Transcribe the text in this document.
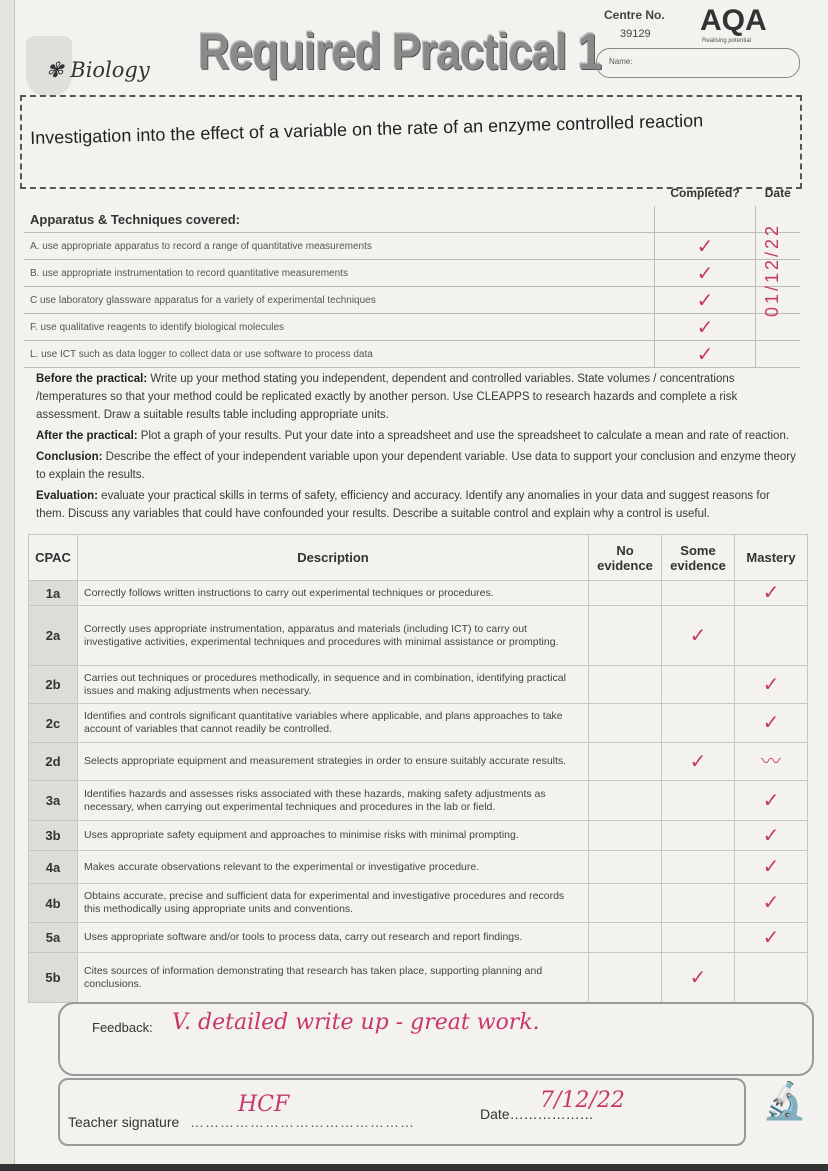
✾ Biology Required Practical 1
Centre No.
39129 AQA
Realising potential
Name:
Investigation into the effect of a variable on the rate of an enzyme controlled reaction
	Completed?	Date
Apparatus & Techniques covered:		
A. use appropriate apparatus to record a range of quantitative measurements	✓	
B. use appropriate instrumentation to record quantitative measurements	✓	
C use laboratory glassware apparatus for a variety of experimental techniques	✓	
F. use qualitative reagents to identify biological molecules	✓	
L. use ICT such as data logger to collect data or use software to process data	✓	
01/12/22

Before the practical: Write up your method stating you independent, dependent and controlled variables. State volumes / concentrations /temperatures so that your method could be replicated exactly by another person. Use CLEAPPS to research hazards and complete a risk assessment. Draw a suitable results table including appropriate units.

After the practical: Plot a graph of your results. Put your date into a spreadsheet and use the spreadsheet to calculate a mean and rate of reaction.

Conclusion: Describe the effect of your independent variable upon your dependent variable. Use data to support your conclusion and enzyme theory to explain the results.

Evaluation: evaluate your practical skills in terms of safety, efficiency and accuracy. Identify any anomalies in your data and suggest reasons for them. Discuss any variables that could have confounded your results. Describe a suitable control and explain why a control is useful.

CPAC	Description	No evidence	Some evidence	Mastery
1a	Correctly follows written instructions to carry out experimental techniques or procedures.			✓
2a	Correctly uses appropriate instrumentation, apparatus and materials (including ICT) to carry out investigative activities, experimental techniques and procedures with minimal assistance or prompting.		✓	
2b	Carries out techniques or procedures methodically, in sequence and in combination, identifying practical issues and making adjustments when necessary.			✓
2c	Identifies and controls significant quantitative variables where applicable, and plans approaches to take account of variables that cannot readily be controlled.			✓
2d	Selects appropriate equipment and measurement strategies in order to ensure suitably accurate results.		✓	〰
3a	Identifies hazards and assesses risks associated with these hazards, making safety adjustments as necessary, when carrying out experimental techniques and procedures in the lab or field.			✓
3b	Uses appropriate safety equipment and approaches to minimise risks with minimal prompting.			✓
4a	Makes accurate observations relevant to the experimental or investigative procedure.			✓
4b	Obtains accurate, precise and sufficient data for experimental and investigative procedures and records this methodically using appropriate units and conventions.			✓
5a	Uses appropriate software and/or tools to process data, carry out research and report findings.			✓
5b	Cites sources of information demonstrating that research has taken place, supporting planning and conclusions.		✓	
Feedback: V. detailed write up - great work.
Teacher signature ………………………………………
HCF	Date………………
7/12/22	🔬
